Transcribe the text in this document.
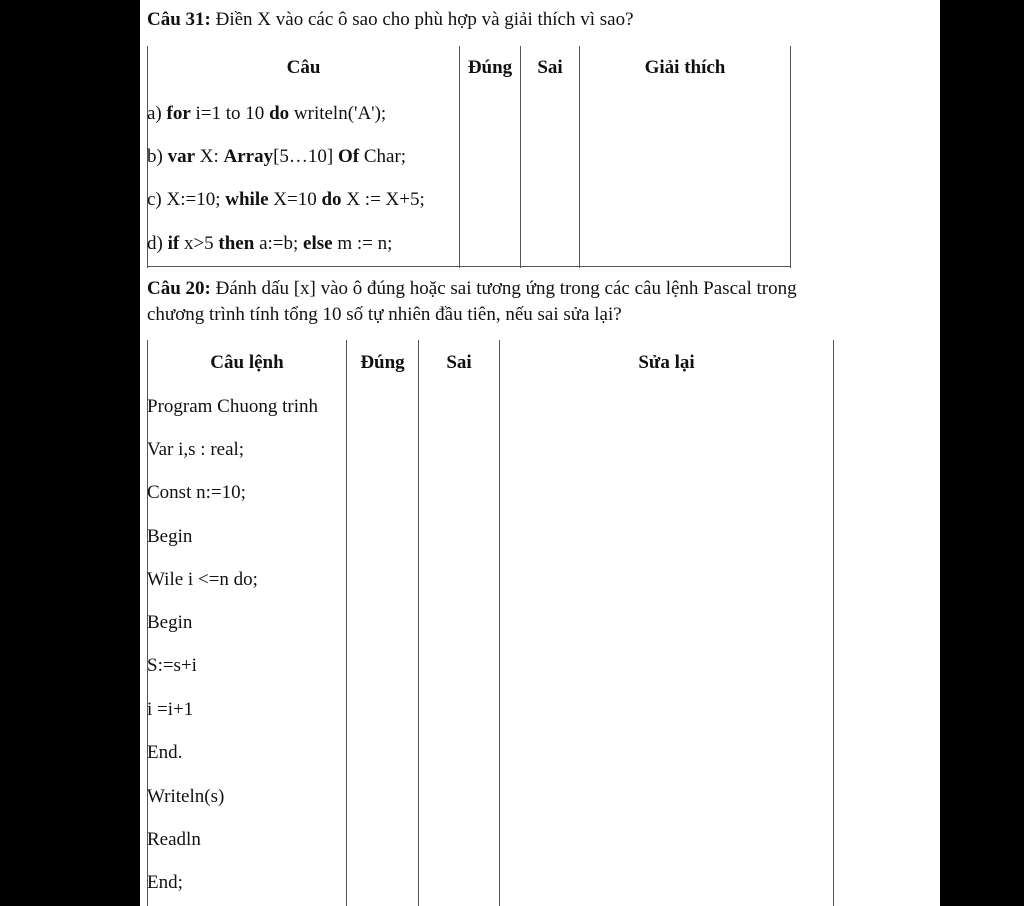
Câu 31: Điền X vào các ô sao cho phù hợp và giải thích vì sao?
Câu	Đúng	Sai	Giải thích
a) for i=1 to 10 do writeln('A');
b) var X: Array[5…10] Of Char;
c) X:=10; while X=10 do X := X+5;
d) if x>5 then a:=b; else m := n;
Câu 20: Đánh dấu [x] vào ô đúng hoặc sai tương ứng trong các câu lệnh Pascal trong
chương trình tính tổng 10 số tự nhiên đầu tiên, nếu sai sửa lại?
Câu lệnh	Đúng	Sai	Sửa lại
Program Chuong trinh
Var i,s : real;
Const n:=10;
Begin
Wile i <=n do;
Begin
S:=s+i
i =i+1
End.
Writeln(s)
Readln
End;
